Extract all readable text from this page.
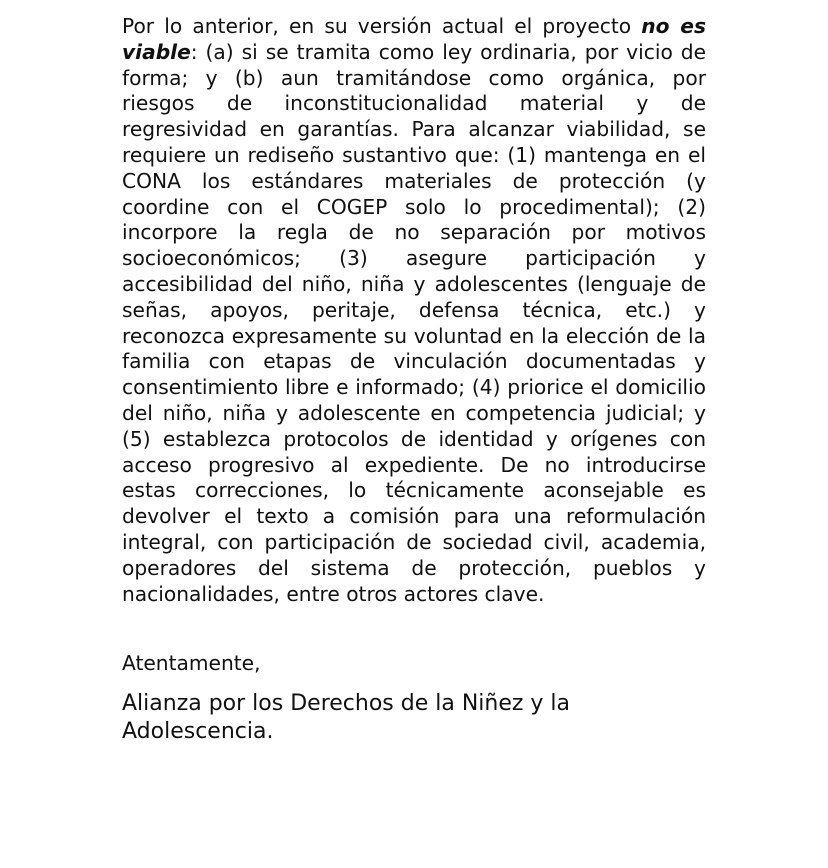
Por lo anterior, en su versión actual el proyecto no es viable: (a) si se tramita como ley ordinaria, por vicio de forma; y (b) aun tramitándose como orgánica, por riesgos de inconstitucionalidad material y de regresividad en garantías. Para alcanzar viabilidad, se requiere un rediseño sustantivo que: (1) mantenga en el CONA los estándares materiales de protección (y coordine con el COGEP solo lo procedimental); (2) incorpore la regla de no separación por motivos socioeconómicos; (3) asegure participación y accesibilidad del niño, niña y adolescentes (lenguaje de señas, apoyos, peritaje, defensa técnica, etc.) y reconozca expresamente su voluntad en la elección de la familia con etapas de vinculación documentadas y consentimiento libre e informado; (4) priorice el domicilio del niño, niña y adolescente en competencia judicial; y (5) establezca protocolos de identidad y orígenes con acceso progresivo al expediente. De no introducirse estas correcciones, lo técnicamente aconsejable es devolver el texto a comisión para una reformulación integral, con participación de sociedad civil, academia, operadores del sistema de protección, pueblos y nacionalidades, entre otros actores clave.

Atentamente,

Alianza por los Derechos de la Niñez y la Adolescencia.
